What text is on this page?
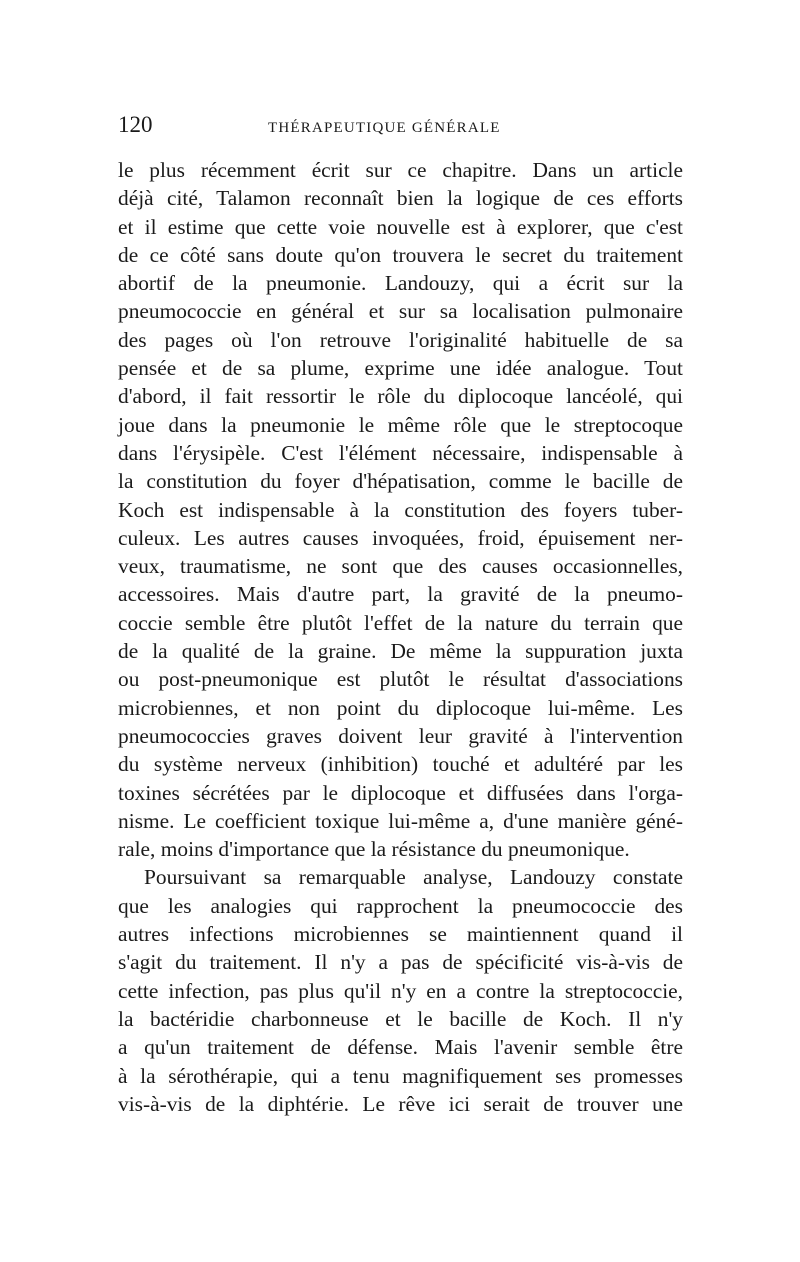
120	THÉRAPEUTIQUE GÉNÉRALE
le plus récemment écrit sur ce chapitre. Dans un article
déjà cité, Talamon reconnaît bien la logique de ces efforts
et il estime que cette voie nouvelle est à explorer, que c'est
de ce côté sans doute qu'on trouvera le secret du traitement
abortif de la pneumonie. Landouzy, qui a écrit sur la
pneumococcie en général et sur sa localisation pulmonaire
des pages où l'on retrouve l'originalité habituelle de sa
pensée et de sa plume, exprime une idée analogue. Tout
d'abord, il fait ressortir le rôle du diplocoque lancéolé, qui
joue dans la pneumonie le même rôle que le streptocoque
dans l'érysipèle. C'est l'élément nécessaire, indispensable à
la constitution du foyer d'hépatisation, comme le bacille de
Koch est indispensable à la constitution des foyers tuber-
culeux. Les autres causes invoquées, froid, épuisement ner-
veux, traumatisme, ne sont que des causes occasionnelles,
accessoires. Mais d'autre part, la gravité de la pneumo-
coccie semble être plutôt l'effet de la nature du terrain que
de la qualité de la graine. De même la suppuration juxta
ou post-pneumonique est plutôt le résultat d'associations
microbiennes, et non point du diplocoque lui-même. Les
pneumococcies graves doivent leur gravité à l'intervention
du système nerveux (inhibition) touché et adultéré par les
toxines sécrétées par le diplocoque et diffusées dans l'orga-
nisme. Le coefficient toxique lui-même a, d'une manière géné-
rale, moins d'importance que la résistance du pneumonique.
Poursuivant sa remarquable analyse, Landouzy constate
que les analogies qui rapprochent la pneumococcie des
autres infections microbiennes se maintiennent quand il
s'agit du traitement. Il n'y a pas de spécificité vis-à-vis de
cette infection, pas plus qu'il n'y en a contre la streptococcie,
la bactéridie charbonneuse et le bacille de Koch. Il n'y
a qu'un traitement de défense. Mais l'avenir semble être
à la sérothérapie, qui a tenu magnifiquement ses promesses
vis-à-vis de la diphtérie. Le rêve ici serait de trouver une
